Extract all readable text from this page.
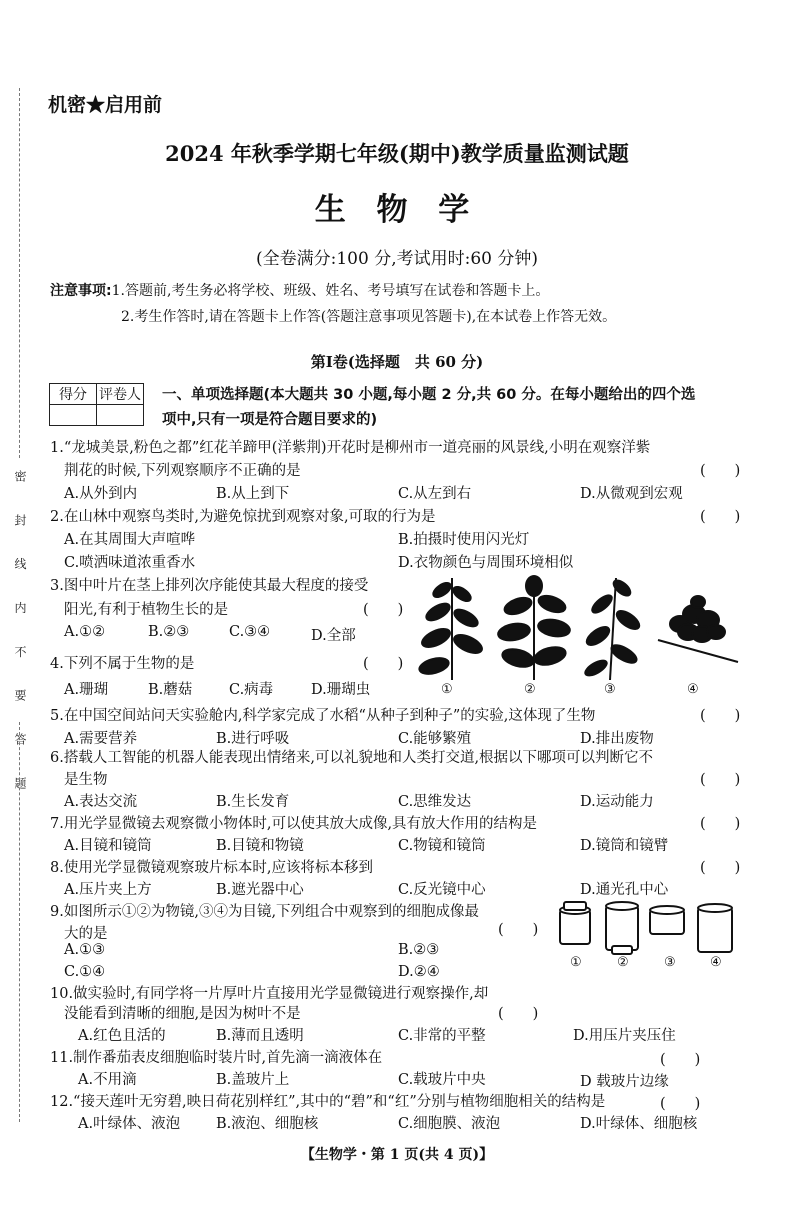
密 封 线 内 不 要 答 题
机密★启用前
2024 年秋季学期七年级(期中)教学质量监测试题
生 物 学
(全卷满分:100 分,考试用时:60 分钟)
注意事项:1.答题前,考生务必将学校、班级、姓名、考号填写在试卷和答题卡上。
2.考生作答时,请在答题卡上作答(答题注意事项见答题卡),在本试卷上作答无效。
第Ⅰ卷(选择题　共 60 分)
得分	评卷人
	一、单项选择题(本大题共 30 小题,每小题 2 分,共 60 分。在每小题给出的四个选
项中,只有一项是符合题目要求的)
1.“龙城美景,粉色之都”红花羊蹄甲(洋紫荆)开花时是柳州市一道亮丽的风景线,小明在观察洋紫
荆花的时候,下列观察顺序不正确的是	(　　)
A.从外到内	B.从上到下	C.从左到右	D.从微观到宏观
2.在山林中观察鸟类时,为避免惊扰到观察对象,可取的行为是	(　　)
A.在其周围大声喧哗	B.拍摄时使用闪光灯
C.喷洒味道浓重香水	D.衣物颜色与周围环境相似
3.图中叶片在茎上排列次序能使其最大程度的接受
阳光,有利于植物生长的是	(　　)
A.①②	B.②③	C.③④	D.全部
①	②	③	④
4.下列不属于生物的是	(　　)
A.珊瑚	B.蘑菇	C.病毒	D.珊瑚虫
5.在中国空间站问天实验舱内,科学家完成了水稻“从种子到种子”的实验,这体现了生物	(　　)
A.需要营养	B.进行呼吸	C.能够繁殖	D.排出废物
6.搭载人工智能的机器人能表现出情绪来,可以礼貌地和人类打交道,根据以下哪项可以判断它不
是生物	(　　)
A.表达交流	B.生长发育	C.思维发达	D.运动能力
7.用光学显微镜去观察微小物体时,可以使其放大成像,具有放大作用的结构是	(　　)
A.目镜和镜筒	B.目镜和物镜	C.物镜和镜筒	D.镜筒和镜臂
8.使用光学显微镜观察玻片标本时,应该将标本移到	(　　)
A.压片夹上方	B.遮光器中心	C.反光镜中心	D.通光孔中心
9.如图所示①②为物镜,③④为目镜,下列组合中观察到的细胞成像最
大的是	(　　)
A.①③	B.②③
C.①④	D.②④
①	②	③	④
10.做实验时,有同学将一片厚叶片直接用光学显微镜进行观察操作,却
没能看到清晰的细胞,是因为树叶不是	(　　)
A.红色且活的	B.薄而且透明	C.非常的平整	D.用压片夹压住
11.制作番茄表皮细胞临时装片时,首先滴一滴液体在	(　　)
A.不用滴	B.盖玻片上	C.载玻片中央	D 载玻片边缘
12.“接天莲叶无穷碧,映日荷花别样红”,其中的“碧”和“红”分别与植物细胞相关的结构是	(　　)
A.叶绿体、液泡 B.液泡、细胞核	C.细胞膜、液泡	D.叶绿体、细胞核
【生物学・第 1 页(共 4 页)】
